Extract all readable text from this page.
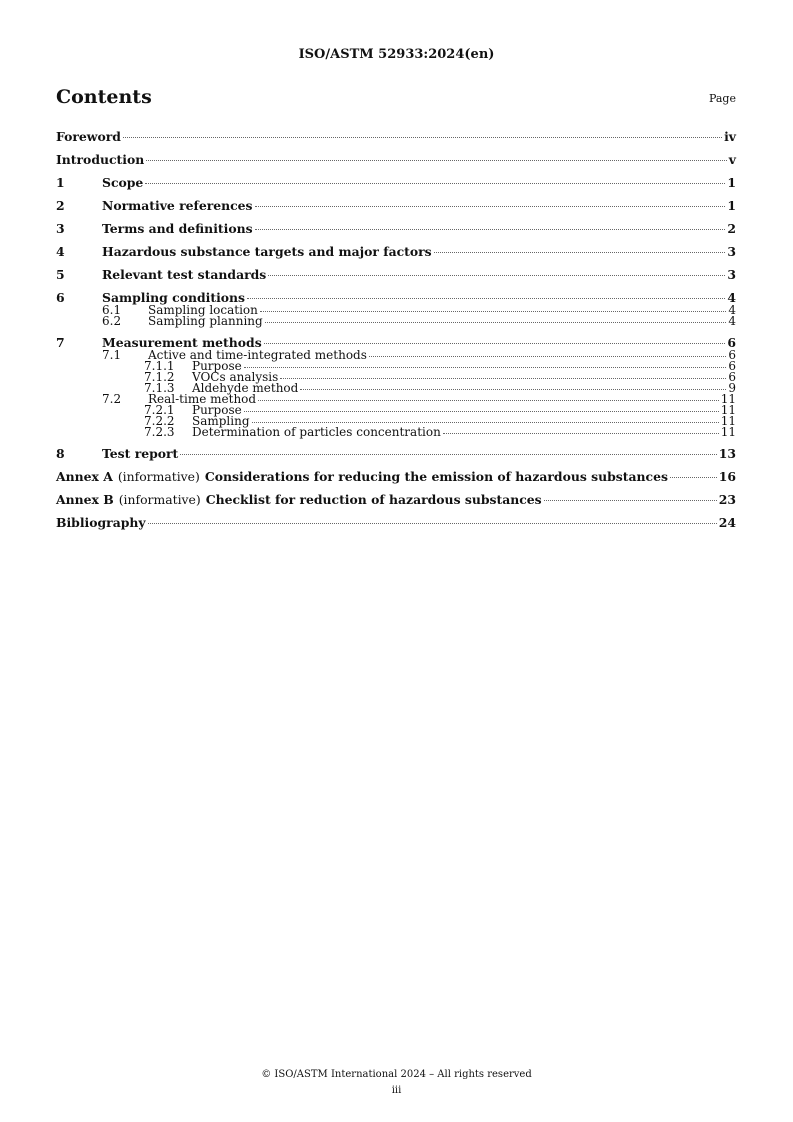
ISO/ASTM 52933:2024(en)
Contents	Page
Foreword	iv
Introduction	v
1	Scope	1
2	Normative references	1
3	Terms and definitions	2
4	Hazardous substance targets and major factors	3
5	Relevant test standards	3
6	Sampling conditions	4
6.1	Sampling location	4
6.2	Sampling planning	4
7	Measurement methods	6
7.1	Active and time-integrated methods	6
7.1.1	Purpose	6
7.1.2	VOCs analysis	6
7.1.3	Aldehyde method	9
7.2	Real-time method	11
7.2.1	Purpose	11
7.2.2	Sampling	11
7.2.3	Determination of particles concentration	11
8	Test report	13
Annex A (informative) Considerations for reducing the emission of hazardous substances	16
Annex B (informative) Checklist for reduction of hazardous substances	23
Bibliography	24
© ISO/ASTM International 2024 – All rights reserved
iii
